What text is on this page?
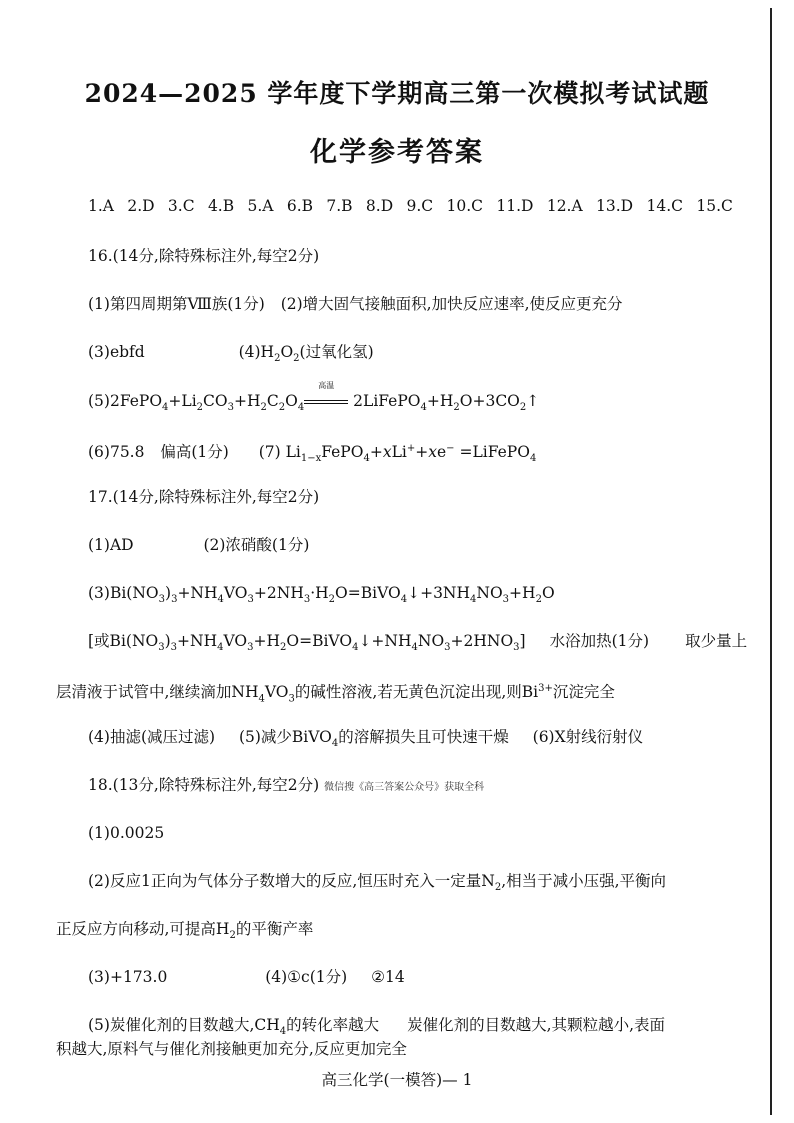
2024—2025 学年度下学期高三第一次模拟考试试题
化学参考答案
1.A 2.D 3.C 4.B 5.A 6.B 7.B 8.D 9.C 10.C 11.D 12.A 13.D 14.C 15.C
16.(14分,除特殊标注外,每空2分)
(1)第四周期第Ⅷ族(1分) (2)增大固气接触面积,加快反应速率,使反应更充分
(3)ebfd	$(4)H_2O_2$(过氧化氢)
$(5)2FePO_4+Li_2CO_3+H_2C_2O_4$
高温
$2LiFePO_4+H_2O+3CO_2↑$
(6)75.8 偏高(1分) (7) $Li_{1-x}FePO_4+xLi^++xe^-$ =LiFePO$_4$
17.(14分,除特殊标注外,每空2分)
(1)AD	(2)浓硝酸(1分)
$(3)Bi(NO_3)_3+NH_4VO_3+2NH_3\cdot H_2O=BiVO_4↓+3NH_4NO_3+H_2O$
[或$Bi(NO_3)_3+NH_4VO_3+H_2O=BiVO_4↓+NH_4NO_3+2HNO_3$] 水浴加热(1分) 取少量上
层清液于试管中,继续滴加$NH_4VO_3$的碱性溶液,若无黄色沉淀出现,则$Bi^{3+}$沉淀完全
(4)抽滤(减压过滤) (5)减少BiVO$_4$的溶解损失且可快速干燥 (6)X射线衍射仪
18.(13分,除特殊标注外,每空2分) 微信搜《高三答案公众号》获取全科
(1)0.0025
(2)反应1正向为气体分子数增大的反应,恒压时充入一定量$N_2$,相当于减小压强,平衡向
正反应方向移动,可提高$H_2$的平衡产率
(3)+173.0	(4)①c(1分) ②14
(5)炭催化剂的目数越大$,CH_4$的转化率越大 炭催化剂的目数越大,其颗粒越小,表面
积越大,原料气与催化剂接触更加充分,反应更加完全
高三化学(一模答)— 1
